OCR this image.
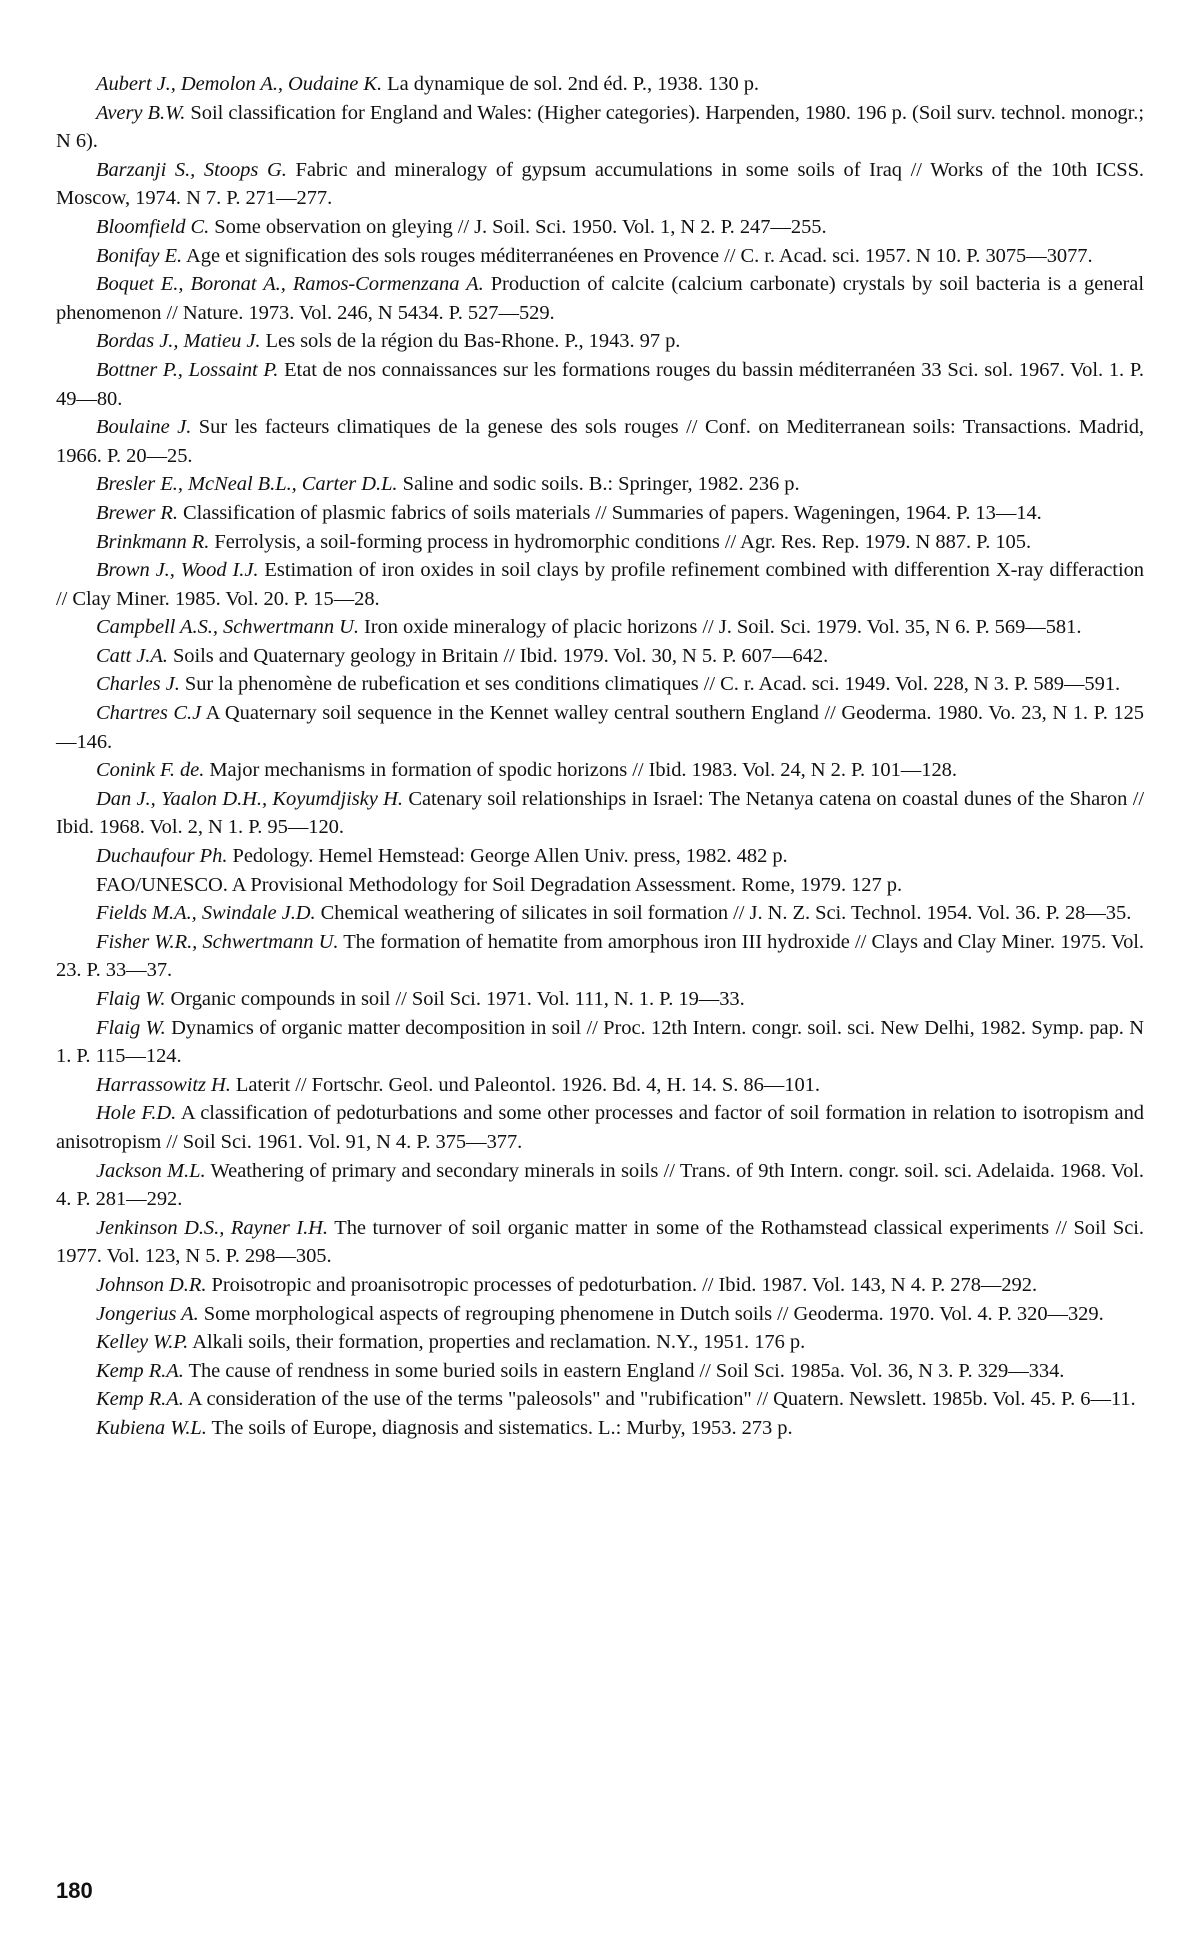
Aubert J., Demolon A., Oudaine K. La dynamique de sol. 2nd éd. P., 1938. 130 p.

Avery B.W. Soil classification for England and Wales: (Higher categories). Harpenden, 1980. 196 p. (Soil surv. technol. monogr.; N 6).

Barzanji S., Stoops G. Fabric and mineralogy of gypsum accumulations in some soils of Iraq // Works of the 10th ICSS. Moscow, 1974. N 7. P. 271—277.

Bloomfield C. Some observation on gleying // J. Soil. Sci. 1950. Vol. 1, N 2. P. 247—255.

Bonifay E. Age et signification des sols rouges méditerranéenes en Provence // C. r. Acad. sci. 1957. N 10. P. 3075—3077.

Boquet E., Boronat A., Ramos-Cormenzana A. Production of calcite (calcium carbonate) crystals by soil bacteria is a general phenomenon // Nature. 1973. Vol. 246, N 5434. P. 527—529.

Bordas J., Matieu J. Les sols de la région du Bas-Rhone. P., 1943. 97 p.

Bottner P., Lossaint P. Etat de nos connaissances sur les formations rouges du bassin méditerranéen 33 Sci. sol. 1967. Vol. 1. P. 49—80.

Boulaine J. Sur les facteurs climatiques de la genese des sols rouges // Conf. on Mediterranean soils: Transactions. Madrid, 1966. P. 20—25.

Bresler E., McNeal B.L., Carter D.L. Saline and sodic soils. B.: Springer, 1982. 236 p.

Brewer R. Classification of plasmic fabrics of soils materials // Summaries of papers. Wageningen, 1964. P. 13—14.

Brinkmann R. Ferrolysis, a soil-forming process in hydromorphic conditions // Agr. Res. Rep. 1979. N 887. P. 105.

Brown J., Wood I.J. Estimation of iron oxides in soil clays by profile refinement combined with differention X-ray differaction // Clay Miner. 1985. Vol. 20. P. 15—28.

Campbell A.S., Schwertmann U. Iron oxide mineralogy of placic horizons // J. Soil. Sci. 1979. Vol. 35, N 6. P. 569—581.

Catt J.A. Soils and Quaternary geology in Britain // Ibid. 1979. Vol. 30, N 5. P. 607—642.

Charles J. Sur la phenomène de rubefication et ses conditions climatiques // C. r. Acad. sci. 1949. Vol. 228, N 3. P. 589—591.

Chartres C.J A Quaternary soil sequence in the Kennet walley central southern England // Geoderma. 1980. Vo. 23, N 1. P. 125—146.

Conink F. de. Major mechanisms in formation of spodic horizons // Ibid. 1983. Vol. 24, N 2. P. 101—128.

Dan J., Yaalon D.H., Koyumdjisky H. Catenary soil relationships in Israel: The Netanya catena on coastal dunes of the Sharon // Ibid. 1968. Vol. 2, N 1. P. 95—120.

Duchaufour Ph. Pedology. Hemel Hemstead: George Allen Univ. press, 1982. 482 p.

FAO/UNESCO. A Provisional Methodology for Soil Degradation Assessment. Rome, 1979. 127 p.

Fields M.A., Swindale J.D. Chemical weathering of silicates in soil formation // J. N. Z. Sci. Technol. 1954. Vol. 36. P. 28—35.

Fisher W.R., Schwertmann U. The formation of hematite from amorphous iron III hydroxide // Clays and Clay Miner. 1975. Vol. 23. P. 33—37.

Flaig W. Organic compounds in soil // Soil Sci. 1971. Vol. 111, N. 1. P. 19—33.

Flaig W. Dynamics of organic matter decomposition in soil // Proc. 12th Intern. congr. soil. sci. New Delhi, 1982. Symp. pap. N 1. P. 115—124.

Harrassowitz H. Laterit // Fortschr. Geol. und Paleontol. 1926. Bd. 4, H. 14. S. 86—101.

Hole F.D. A classification of pedoturbations and some other processes and factor of soil formation in relation to isotropism and anisotropism // Soil Sci. 1961. Vol. 91, N 4. P. 375—377.

Jackson M.L. Weathering of primary and secondary minerals in soils // Trans. of 9th Intern. congr. soil. sci. Adelaida. 1968. Vol. 4. P. 281—292.

Jenkinson D.S., Rayner I.H. The turnover of soil organic matter in some of the Rothamstead classical experiments // Soil Sci. 1977. Vol. 123, N 5. P. 298—305.

Johnson D.R. Proisotropic and proanisotropic processes of pedoturbation. // Ibid. 1987. Vol. 143, N 4. P. 278—292.

Jongerius A. Some morphological aspects of regrouping phenomene in Dutch soils // Geoderma. 1970. Vol. 4. P. 320—329.

Kelley W.P. Alkali soils, their formation, properties and reclamation. N.Y., 1951. 176 p.

Kemp R.A. The cause of rendness in some buried soils in eastern England // Soil Sci. 1985a. Vol. 36, N 3. P. 329—334.

Kemp R.A. A consideration of the use of the terms "paleosols" and "rubification" // Quatern. Newslett. 1985b. Vol. 45. P. 6—11.

Kubiena W.L. The soils of Europe, diagnosis and sistematics. L.: Murby, 1953. 273 p.

180
